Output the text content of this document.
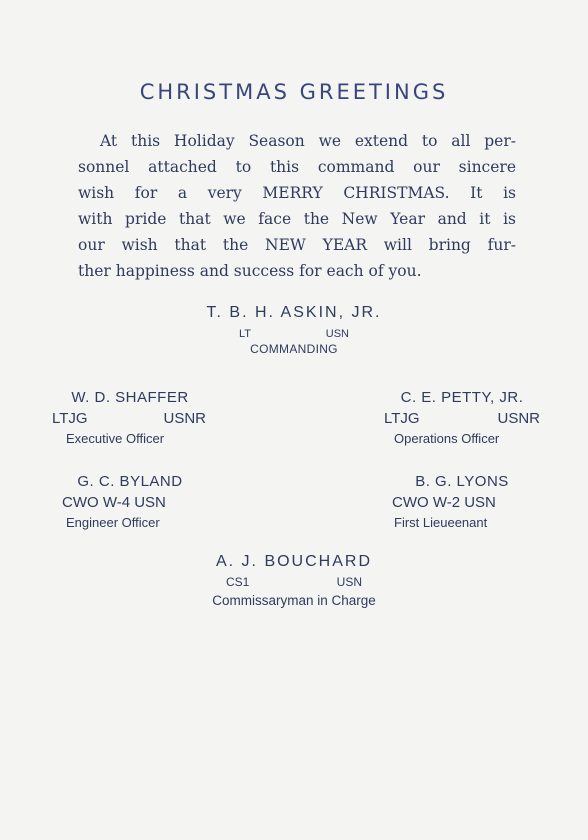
CHRISTMAS GREETINGS

At this Holiday Season we extend to all per-
sonnel attached to this command our sincere
wish for a very MERRY CHRISTMAS. It is
with pride that we face the New Year and it is
our wish that the NEW YEAR will bring fur-
ther happiness and success for each of you.

T. B. H. ASKIN, JR.
LT	USN
COMMANDING
W. D. SHAFFER
LTJG	USNR
Executive Officer
C. E. PETTY, JR.
LTJG	USNR
Operations Officer
G. C. BYLAND
CWO W-4 USN
Engineer Officer
B. G. LYONS
CWO W-2 USN
First Lieueenant
A. J. BOUCHARD
CS1	USN
Commissaryman in Charge
